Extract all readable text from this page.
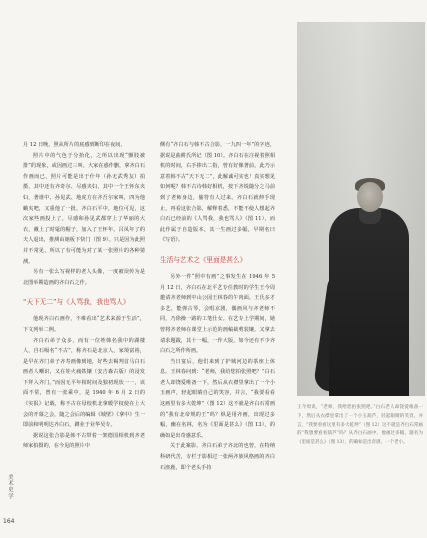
月 12 日晚，照从所片的底感到断印在夜间，

照片中的气色于分抬化，之所以出现“颤肢被排”的现象，或因画过三叫。大家在惑作删，拿齐白石作画而已，照片可能是出于什年（孙无武秀友）拍摄，其中还有齐奇尔、尽感夹妇，其中一个王怀东夹妇，著谁中、孙见武、地虎方在齐吾尔家叫，四为他蛾夹吧，又重他了一批，齐白石平中，地位可见，这次家些画投上了，尽感和孙见武都穿上了华丽的大衣，戴上了时髦的帽子，加入了王怀年、吕凤年了的夫人退出，推测由她板下快门（图 9）。只是因为此照并不常见，所以了有可能为对了某一张照片的各种猜测。

另有一张么写视样的老人头像，一度被误传为是北图举期造画的齐白石之作。

“天下无二”与《人骂我，我也骂人》

他现齐白石画作，不难看出“艺术来源于生活”，下文列举二例。

齐白石弟子众多，而有一位姓韩名我中的湖楼人，自石嗝名“不古”，称齐石是北京人，家境富裕，是早在齐门弟子齐寿画像到地，好些去褐判首马白石画者人嘲识，又在娃火痛铁镶（安吉森古版）的浸发下拜入齐门。”而因无平年相时间及独初现状一一，该面不常，曾有一张乘中，是 1940 年 6 月 2 日的《实报》记载，称不古在母校机北拿暖学权使在上大会的开幕之会，随之会后的编辑《城壁》《拿中》生一即前和明明达齐白石，蹲业于业华吴专。

据说这张合影是韩不古带着一架德国相机到齐老师家拍摄的，在今见的照片中

侧有“齐白石与韩不古合影，一九四一年”的字迹，据说是曲耕氏所记（图 10）。齐白石在注视着照相机的时间，右手捧出二指，曾有好像著前。此乃示意着韩不古“天下无二”，此解诚可实也！真实想见如何呢？韩不古诗韩好相机，按下齐锐随分之马前到了老师身边，偷符有人过来。齐白石就伸手现止，再看这张合影，解释着悉，不能不使人想起齐白石已经前的《人骂我，我也骂人》（图 11），而此作属于自造版本，其一生画过多幅，早期名曰《写语》。

生活与艺术之《里面是甚么》

另外一件“照中有画”之事发生在 1946 年 5 月 12 日，齐白石在北平艺专任教时的学生王今周邀请齐老师到中山公园王林春的午肉面。王氏多才多艺，能弹古琴，会唱京剧，偶画风与齐老师不同，乃徐操一路的工笔仕女。在艺专上学期间，她曾将齐老师在课堂上示范的画稿裁剪装镶，又拿去请求题跋，其十一幅，一作大版，如今还有不少齐白石之所作所画。

当日宴后，他们来到了护城河边的茶座上休息。王林春问到：“老师，我给您拍张照吧？”白石老人却饶爱唯备一下，然后从衣襟里拿出了一个小玉画声，轻起眼睛自己的笑容，并言，“我要看看这画里有多大乾坤”（图 12）这不就是齐白石常画的“我有北帝规的王”吗？纵是用齐画，出现过多幅，幽在名林，名为《里面是甚么》（图 13），的确如是出奇感意乐。

关于此案影，齐白石弟子齐北的也曾，在特纳科研代苦，专栏于影相过一张两齐族风格画的齐白石座鹿，即个老头手持

王今周说，“老师，我给您拍张照吧。”白石老人却饶爱唯备一下，然后从衣襟里拿出了一个小玉葫芦，轻起眼睛的笑容，并言，“我要看看这里有多大乾坤”（图 12）这不就是齐白石常画的“我想要看看葫芦”吗？从齐白石画中，他画过多幅，题名为《里面是甚么》（图 13），的确如是出奇感，一个老小。
美术史学
164
